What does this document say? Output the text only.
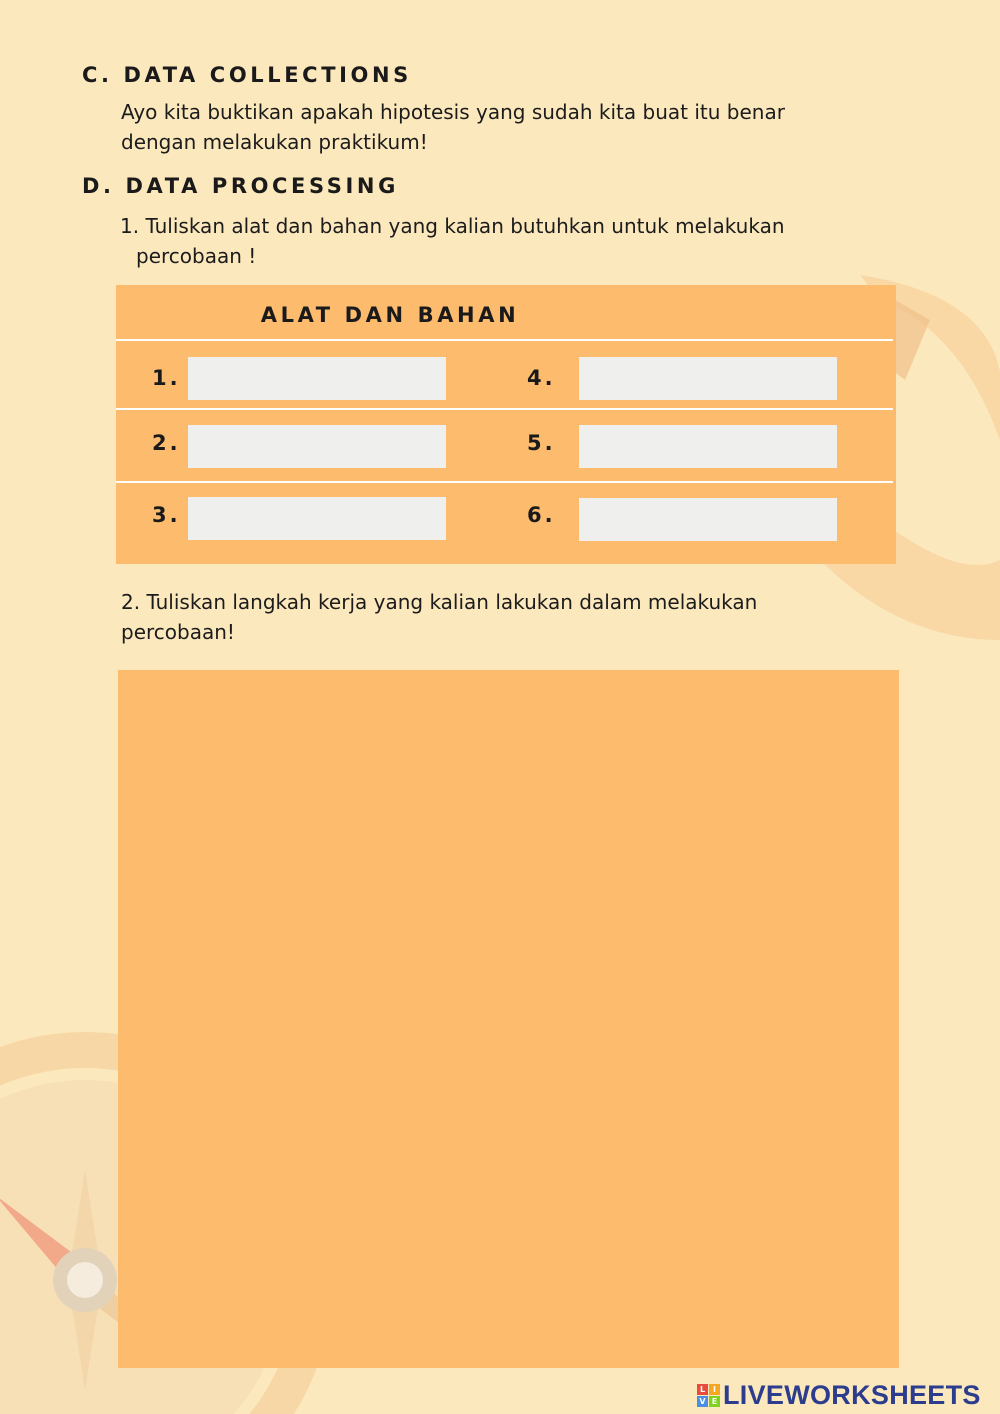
C. DATA COLLECTIONS
Ayo kita buktikan apakah hipotesis yang sudah kita buat itu benar
dengan melakukan praktikum!
D. DATA PROCESSING
1. Tuliskan alat dan bahan yang kalian butuhkan untuk melakukan
percobaan !
ALAT DAN BAHAN
1.
2.
3.
4.
5.
6.
2. Tuliskan langkah kerja yang kalian lakukan dalam melakukan
percobaan!
L I
V E LIVEWORKSHEETS
